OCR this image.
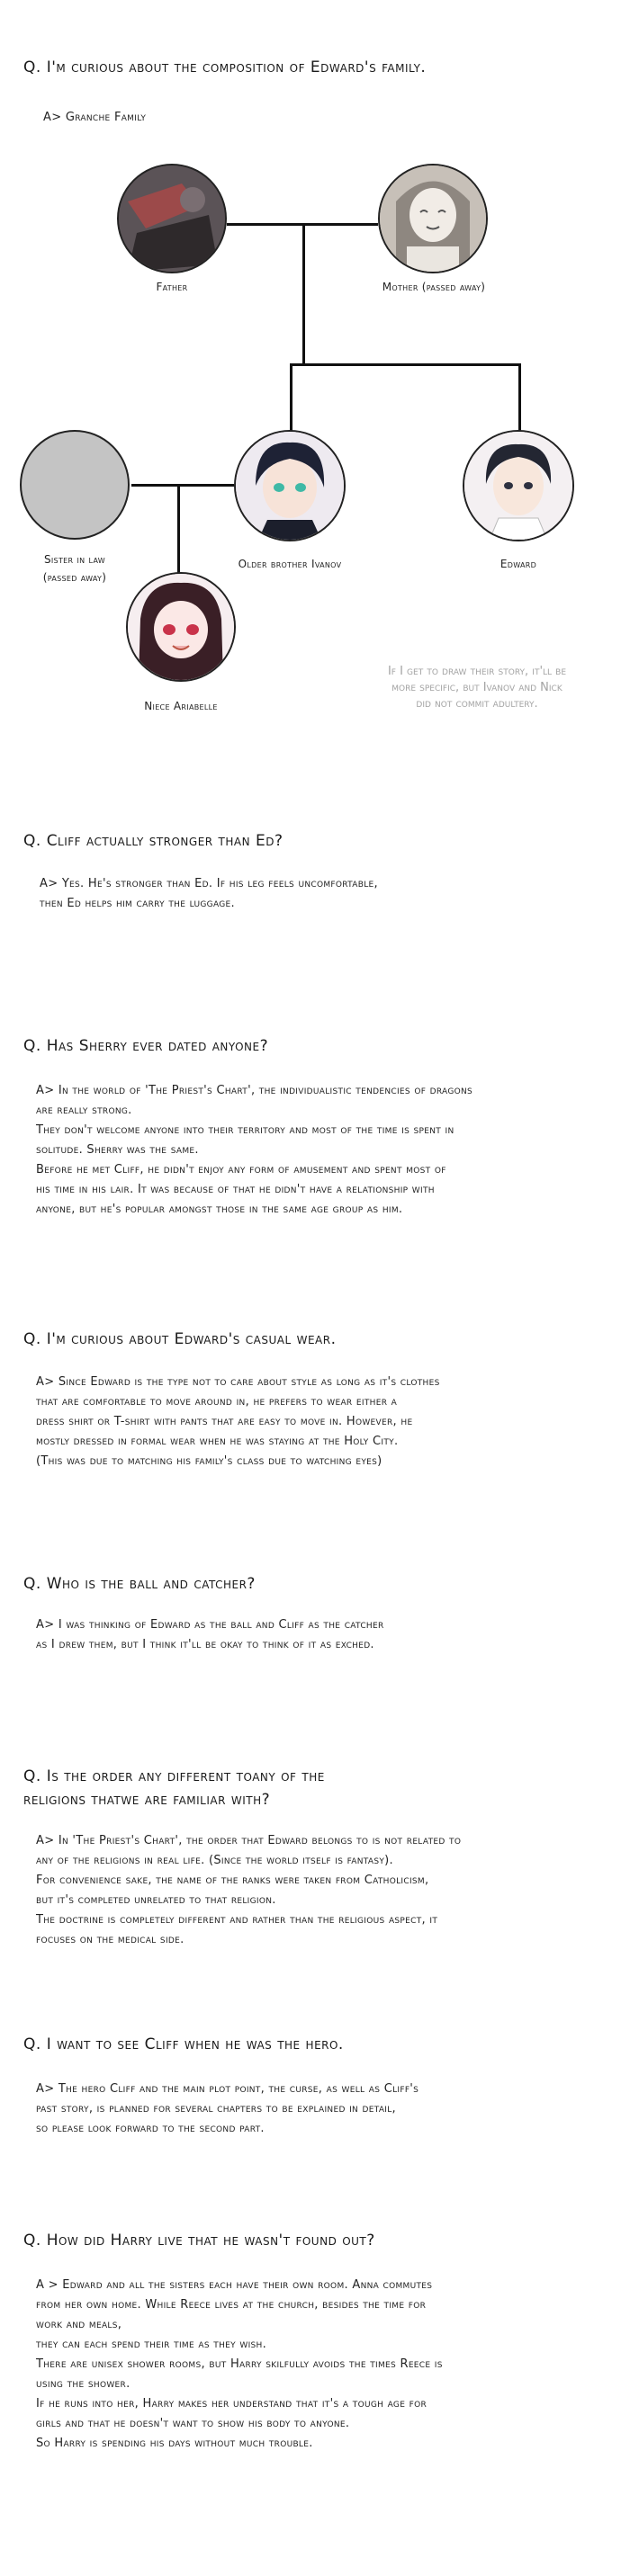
Q. I'm curious about the composition of Edward's family.
A> Granche Family
Father	Mother (passed away)
Sister in law
(passed away)
Older brother Ivanov	Edward
Niece Ariabelle
If I get to draw their story, it'll be
more specific, but Ivanov and Nick
did not commit adultery.
Q. Cliff actually stronger than Ed?
A> Yes. He's stronger than Ed. If his leg feels uncomfortable,
then Ed helps him carry the luggage.
Q. Has Sherry ever dated anyone?
A> In the world of 'The Priest's Chart', the individualistic tendencies of dragons
are really strong.
They don't welcome anyone into their territory and most of the time is spent in
solitude. Sherry was the same.
Before he met Cliff, he didn't enjoy any form of amusement and spent most of
his time in his lair. It was because of that he didn't have a relationship with
anyone, but he's popular amongst those in the same age group as him.
Q. I'm curious about Edward's casual wear.
A> Since Edward is the type not to care about style as long as it's clothes
that are comfortable to move around in, he prefers to wear either a
dress shirt or T-shirt with pants that are easy to move in. However, he
mostly dressed in formal wear when he was staying at the Holy City.
(This was due to matching his family's class due to watching eyes)
Q. Who is the ball and catcher?
A> I was thinking of Edward as the ball and Cliff as the catcher
as I drew them, but I think it'll be okay to think of it as exched.
Q. Is the order any different toany of the
religions thatwe are familiar with?
A> In 'The Priest's Chart', the order that Edward belongs to is not related to
any of the religions in real life. (Since the world itself is fantasy).
For convenience sake, the name of the ranks were taken from Catholicism,
but it's completed unrelated to that religion.
The doctrine is completely different and rather than the religious aspect, it
focuses on the medical side.
Q. I want to see Cliff when he was the hero.
A> The hero Cliff and the main plot point, the curse, as well as Cliff's
past story, is planned for several chapters to be explained in detail,
so please look forward to the second part.
Q. How did Harry live that he wasn't found out?
A > Edward and all the sisters each have their own room. Anna commutes
from her own home. While Reece lives at the church, besides the time for
work and meals,
they can each spend their time as they wish.
There are unisex shower rooms, but Harry skilfully avoids the times Reece is
using the shower.
If he runs into her, Harry makes her understand that it's a tough age for
girls and that he doesn't want to show his body to anyone.
So Harry is spending his days without much trouble.
